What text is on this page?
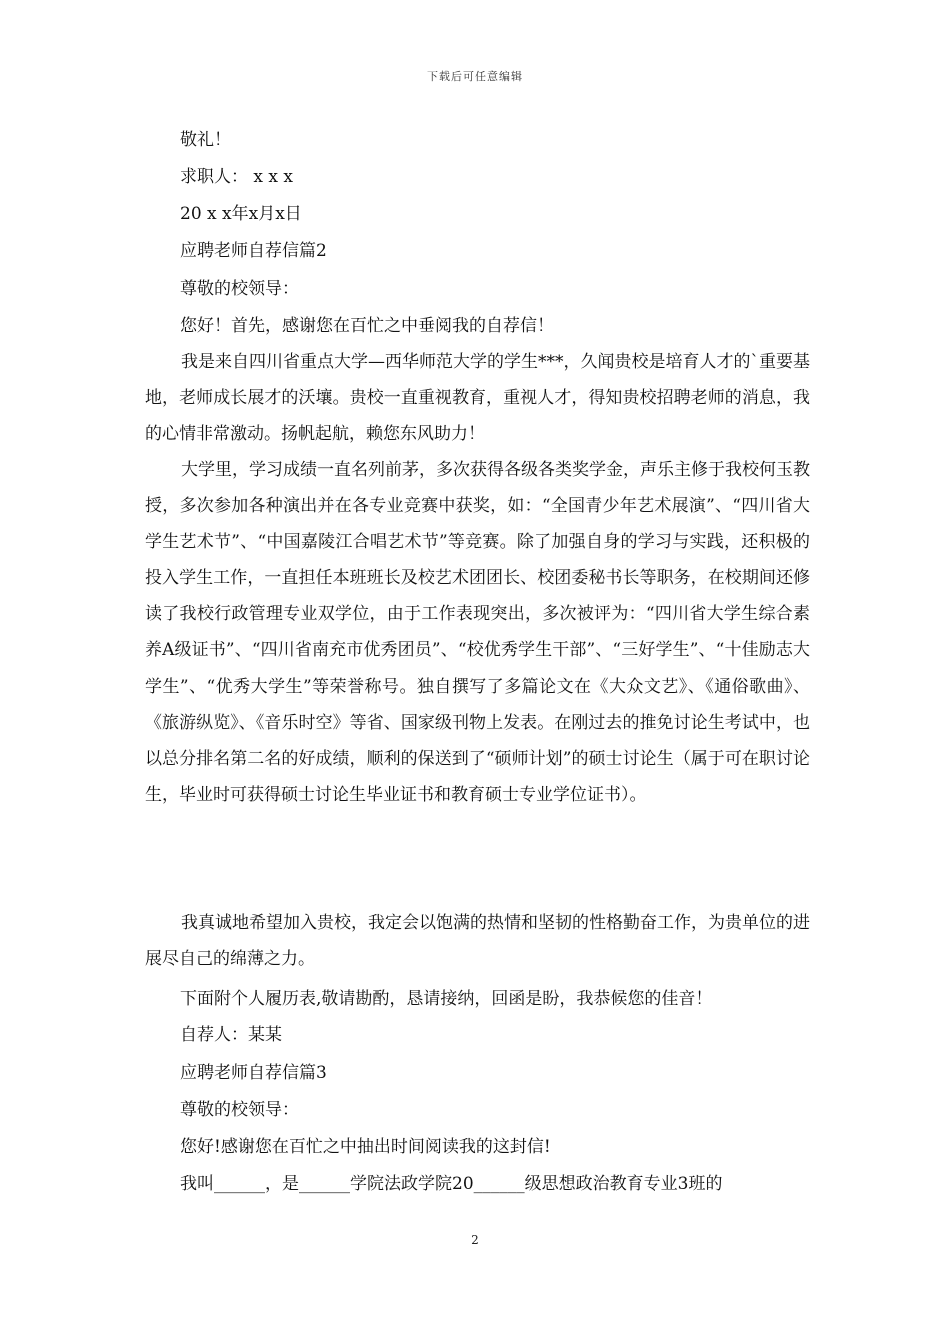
下载后可任意编辑
敬礼！
求职人： x x x
20 x x年x月x日
应聘老师自荐信篇2
尊敬的校领导：
您好！首先，感谢您在百忙之中垂阅我的自荐信！
我是来自四川省重点大学—西华师范大学的学生***，久闻贵校是培育人才的`重要基地，老师成长展才的沃壤。贵校一直重视教育，重视人才，得知贵校招聘老师的消息，我的心情非常激动。扬帆起航，赖您东风助力！
大学里，学习成绩一直名列前茅，多次获得各级各类奖学金，声乐主修于我校何玉教授，多次参加各种演出并在各专业竞赛中获奖，如：“全国青少年艺术展演”、“四川省大学生艺术节”、“中国嘉陵江合唱艺术节”等竞赛。除了加强自身的学习与实践，还积极的投入学生工作，一直担任本班班长及校艺术团团长、校团委秘书长等职务，在校期间还修读了我校行政管理专业双学位，由于工作表现突出，多次被评为：“四川省大学生综合素养A级证书”、“四川省南充市优秀团员”、“校优秀学生干部”、“三好学生”、“十佳励志大学生”、“优秀大学生”等荣誉称号。独自撰写了多篇论文在《大众文艺》、《通俗歌曲》、《旅游纵览》、《音乐时空》等省、国家级刊物上发表。在刚过去的推免讨论生考试中，也以总分排名第二名的好成绩，顺利的保送到了“硕师计划”的硕士讨论生（属于可在职讨论生，毕业时可获得硕士讨论生毕业证书和教育硕士专业学位证书）。
我真诚地希望加入贵校，我定会以饱满的热情和坚韧的性格勤奋工作，为贵单位的进展尽自己的绵薄之力。
下面附个人履历表,敬请勘酌，恳请接纳，回函是盼，我恭候您的佳音！
自荐人：某某
应聘老师自荐信篇3
尊敬的校领导：
您好!感谢您在百忙之中抽出时间阅读我的这封信!
我叫______，是______学院法政学院20______级思想政治教育专业3班的
2
